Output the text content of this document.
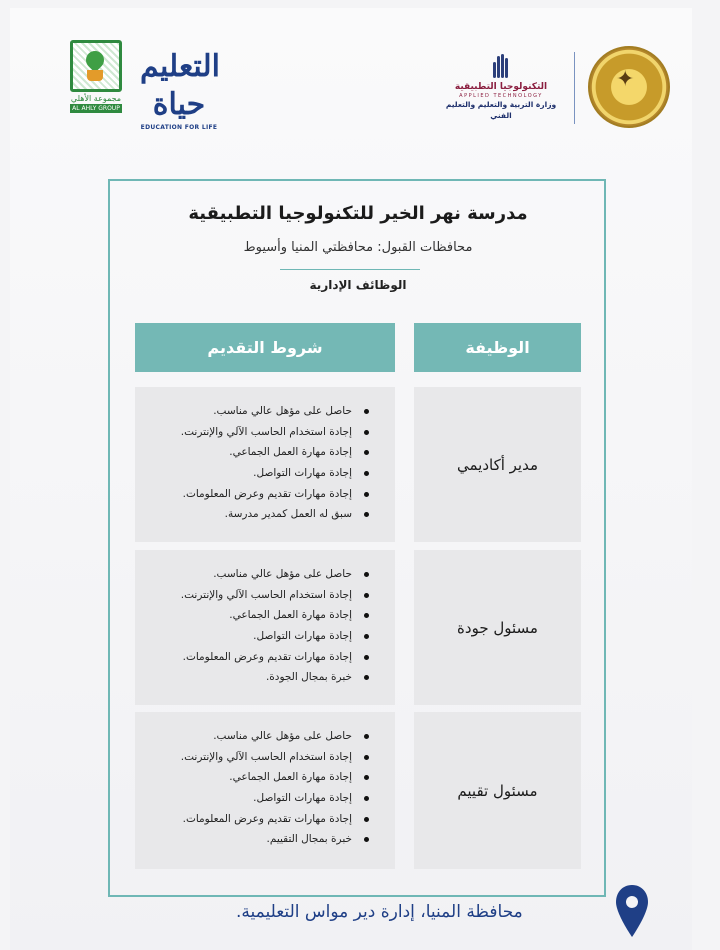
مجموعة الأهلي
AL AHLY GROUP
التعليم حياة
EDUCATION FOR LIFE
التكنولوجيا التطبيقية
APPLIED TECHNOLOGY
وزارة التربية والتعليم والتعليم الفني
✦
مدرسة نهر الخير للتكنولوجيا التطبيقية
محافظات القبول: محافظتي المنيا وأسيوط
الوظائف الإدارية
الوظيفة
شروط التقديم
مدير أكاديمي
حاصل على مؤهل عالي مناسب.
إجادة استخدام الحاسب الآلي والإنترنت.
إجادة مهارة العمل الجماعي.
إجادة مهارات التواصل.
إجادة مهارات تقديم وعرض المعلومات.
سبق له العمل كمدير مدرسة.
مسئول جودة
حاصل على مؤهل عالي مناسب.
إجادة استخدام الحاسب الآلي والإنترنت.
إجادة مهارة العمل الجماعي.
إجادة مهارات التواصل.
إجادة مهارات تقديم وعرض المعلومات.
خبرة بمجال الجودة.
مسئول تقييم
حاصل على مؤهل عالي مناسب.
إجادة استخدام الحاسب الآلي والإنترنت.
إجادة مهارة العمل الجماعي.
إجادة مهارات التواصل.
إجادة مهارات تقديم وعرض المعلومات.
خبرة بمجال التقييم.
محافظة المنيا، إدارة دير مواس التعليمية.
